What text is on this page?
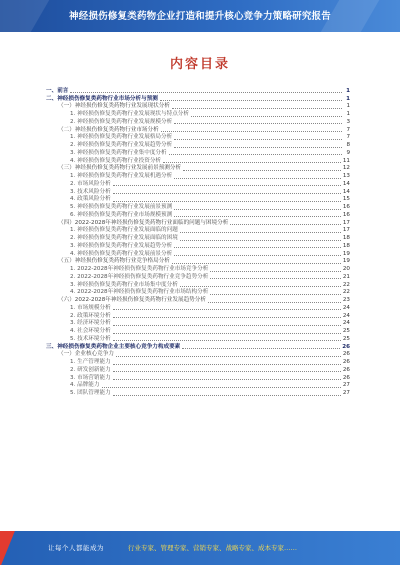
神经损伤修复类药物企业打造和提升核心竞争力策略研究报告
内容目录
一、前言	1
二、神经损伤修复类药物行业市场分析与预测	1
（一）神经损伤修复类药物行业发展现状分析	1
1. 神经损伤修复类药物行业发展现状与特点分析	1
2. 神经损伤修复类药物行业发展规模分析	3
（二）神经损伤修复类药物行业市场分析	7
1. 神经损伤修复类药物行业发展格局分析	7
2. 神经损伤修复类药物行业发展趋势分析	8
3. 神经损伤修复类药物行业集中度分析	9
4. 神经损伤修复类药物行业投资分析	11
（三）神经损伤修复类药物行业发展前景预测分析	12
1. 神经损伤修复类药物行业发展机遇分析	13
2. 市场风险分析	14
3. 技术风险分析	14
4. 政策风险分析	15
5. 神经损伤修复类药物行业发展前景预测	16
6. 神经损伤修复类药物行业市场规模预测	16
（四）2022-2028年神经损伤修复类药物行业面临的问题与困境分析	17
1. 神经损伤修复类药物行业发展面临的问题	17
2. 神经损伤修复类药物行业发展面临的困境	18
3. 神经损伤修复类药物行业发展趋势分析	18
4. 神经损伤修复类药物行业发展前景分析	19
（五）神经损伤修复类药物行业竞争格局分析	19
1. 2022-2028年神经损伤修复类药物行业市场竞争分析	20
2. 2022-2028年神经损伤修复类药物行业竞争趋势分析	21
3. 神经损伤修复类药物行业市场集中度分析	22
4. 2022-2028年神经损伤修复类药物行业市场结构分析	22
（六）2022-2028年神经损伤修复类药物行业发展趋势分析	23
1. 市场规模分析	24
2. 政策环境分析	24
3. 经济环境分析	24
4. 社会环境分析	25
5. 技术环境分析	25
三、神经损伤修复类药物企业主要核心竞争力构成要素	26
（一）企业核心竞争力	26
1. 生产管理能力	26
2. 研发创新能力	26
3. 市场营销能力	26
4. 品牌能力	27
5. 团队管理能力	27
让每个人都能成为	行业专家、管理专家、营销专家、战略专家、成本专家……
